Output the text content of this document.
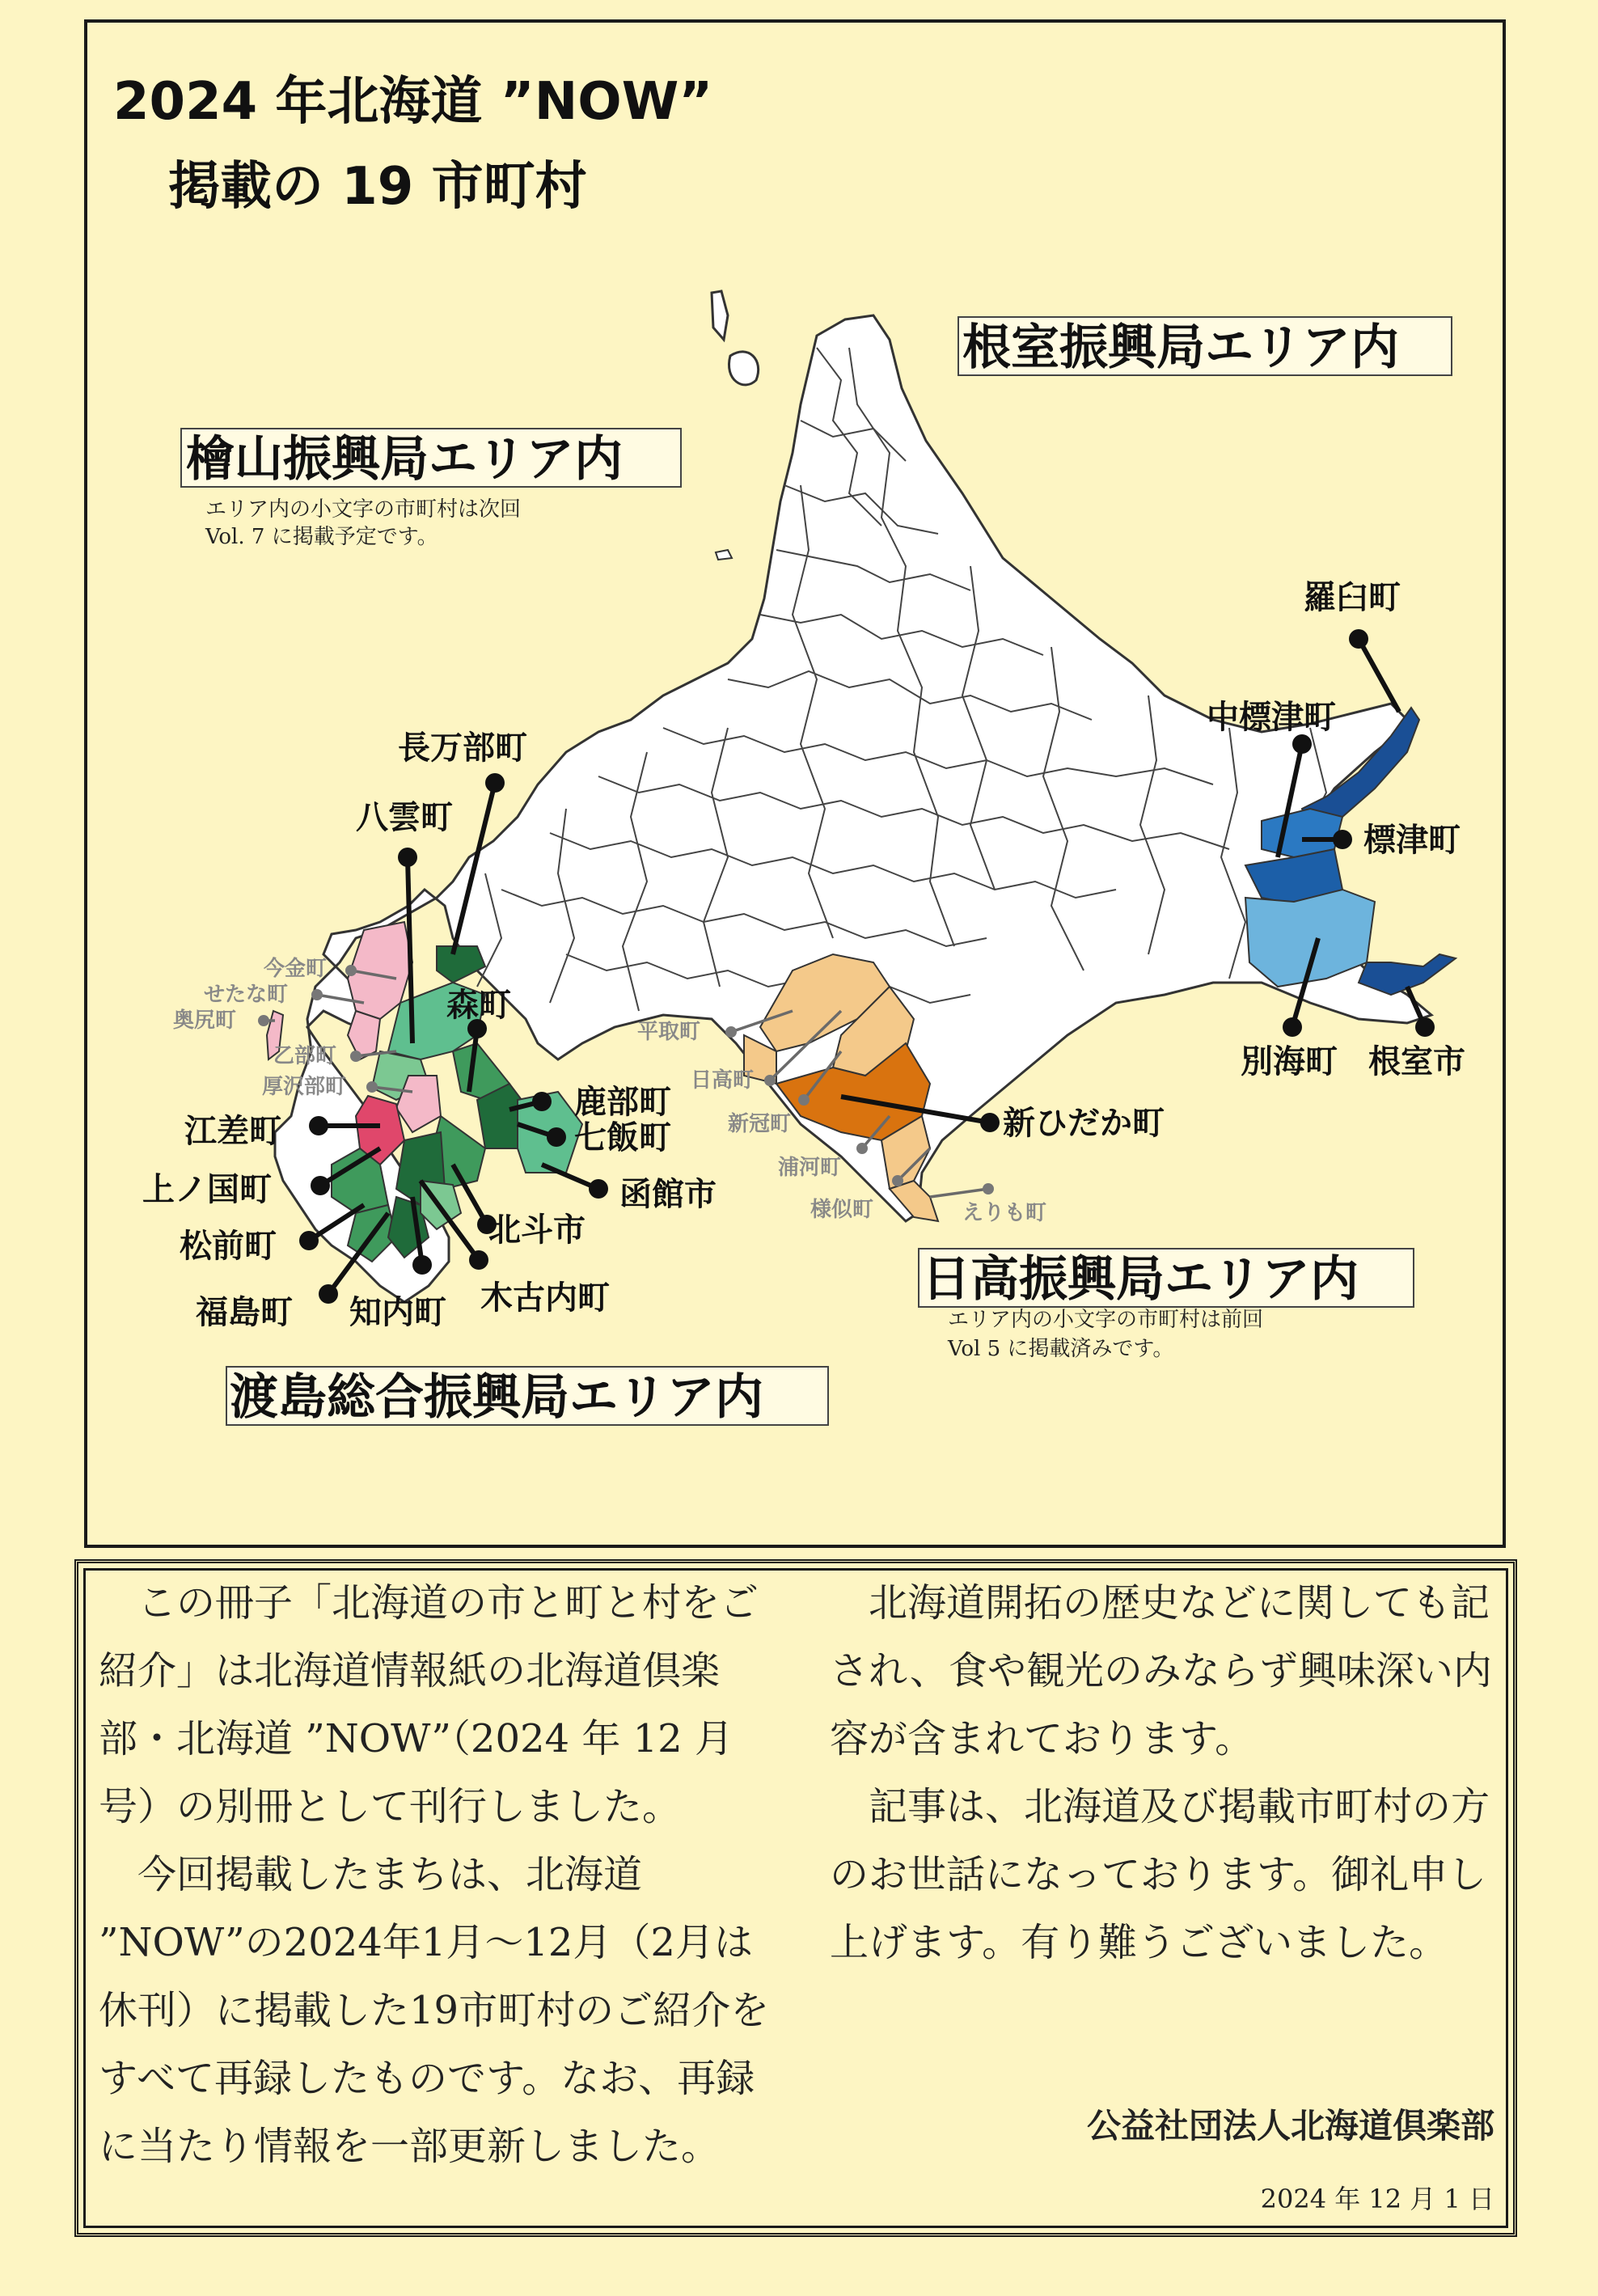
根室振興局エリア内
檜山振興局エリア内
エリア内の小文字の市町村は次回
Vol. 7 に掲載予定です。
日高振興局エリア内
エリア内の小文字の市町村は前回
Vol 5 に掲載済みです。
渡島総合振興局エリア内
羅臼町
中標津町
標津町
別海町 根室市
新ひだか町
長万部町
八雲町
森町
鹿部町
七飯町
函館市
北斗市
木古内町
知内町
福島町
松前町
上ノ国町
江差町
今金町
せたな町
奥尻町
乙部町
厚沢部町
平取町
日高町
新冠町
浦河町
様似町	えりも町
2024 年北海道 ”NOW”
掲載の 19 市町村

この冊子「北海道の市と町と村をご紹介」は北海道情報紙の北海道倶楽部・北海道 ”NOW”（2024 年 12 月号）の別冊として刊行しました。

今回掲載したまちは、北海道 ”NOW”の2024年1月～12月（2月は休刊）に掲載した19市町村のご紹介をすべて再録したものです。なお、再録に当たり情報を一部更新しました。

北海道開拓の歴史などに関しても記され、食や観光のみならず興味深い内容が含まれております。

記事は、北海道及び掲載市町村の方のお世話になっております。御礼申し上げます。有り難うございました。

公益社団法人北海道倶楽部
2024 年 12 月 1 日
